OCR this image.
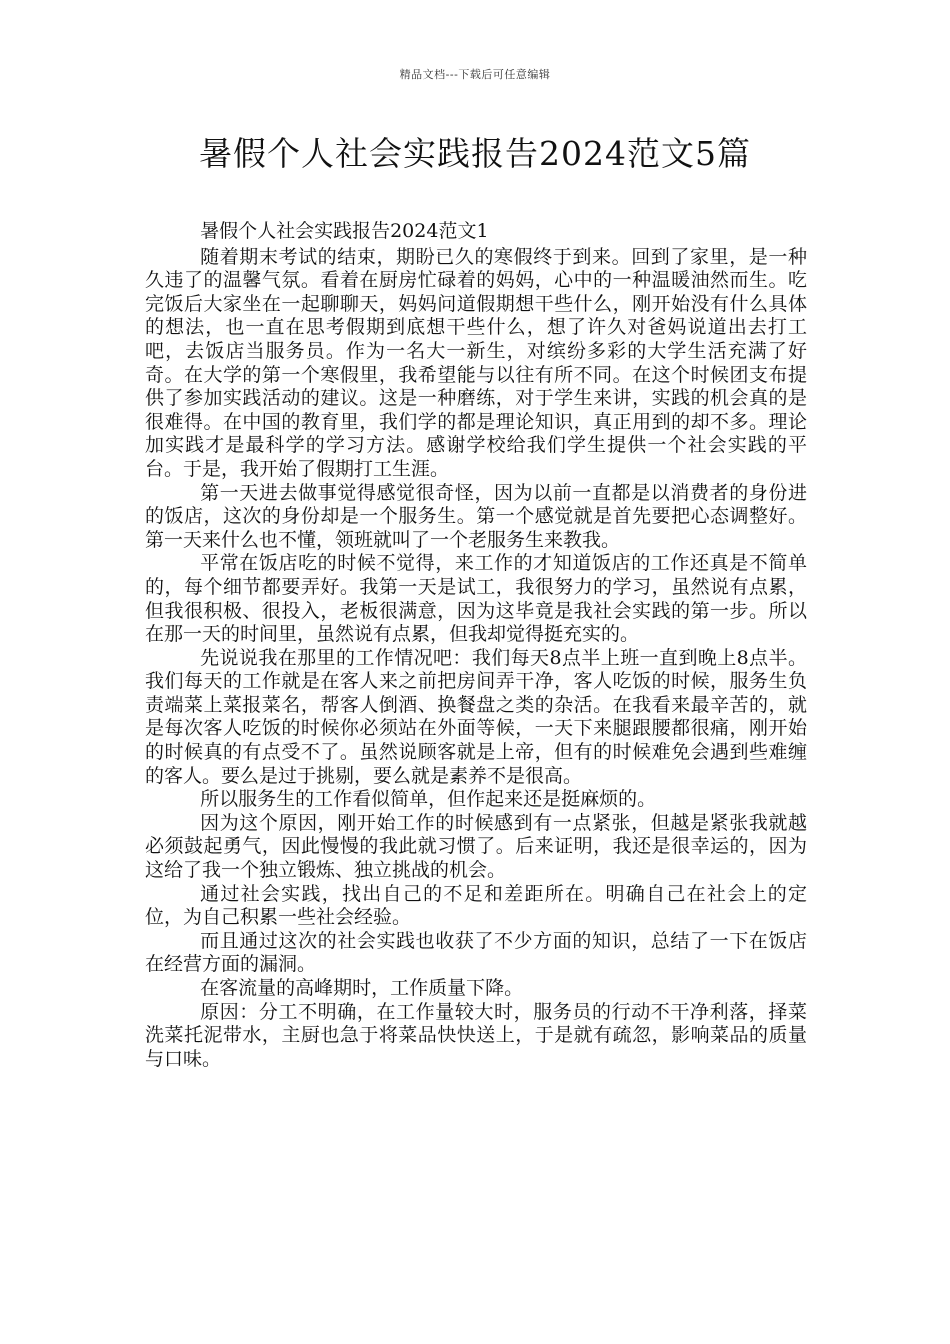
精品文档---下载后可任意编辑
暑假个人社会实践报告2024范文5篇

暑假个人社会实践报告2024范文1

随着期末考试的结束，期盼已久的寒假终于到来。回到了家里，是一种久违了的温馨气氛。看着在厨房忙碌着的妈妈，心中的一种温暖油然而生。吃完饭后大家坐在一起聊聊天，妈妈问道假期想干些什么，刚开始没有什么具体的想法，也一直在思考假期到底想干些什么，想了许久对爸妈说道出去打工吧，去饭店当服务员。作为一名大一新生，对缤纷多彩的大学生活充满了好奇。在大学的第一个寒假里，我希望能与以往有所不同。在这个时候团支布提供了参加实践活动的建议。这是一种磨练，对于学生来讲，实践的机会真的是很难得。在中国的教育里，我们学的都是理论知识，真正用到的却不多。理论加实践才是最科学的学习方法。感谢学校给我们学生提供一个社会实践的平台。于是，我开始了假期打工生涯。

第一天进去做事觉得感觉很奇怪，因为以前一直都是以消费者的身份进的饭店，这次的身份却是一个服务生。第一个感觉就是首先要把心态调整好。第一天来什么也不懂，领班就叫了一个老服务生来教我。

平常在饭店吃的时候不觉得，来工作的才知道饭店的工作还真是不简单的，每个细节都要弄好。我第一天是试工，我很努力的学习，虽然说有点累，但我很积极、很投入，老板很满意，因为这毕竟是我社会实践的第一步。所以在那一天的时间里，虽然说有点累，但我却觉得挺充实的。

先说说我在那里的工作情况吧：我们每天8点半上班一直到晚上8点半。我们每天的工作就是在客人来之前把房间弄干净，客人吃饭的时候，服务生负责端菜上菜报菜名，帮客人倒酒、换餐盘之类的杂活。在我看来最辛苦的，就是每次客人吃饭的时候你必须站在外面等候，一天下来腿跟腰都很痛，刚开始的时候真的有点受不了。虽然说顾客就是上帝，但有的时候难免会遇到些难缠的客人。要么是过于挑剔，要么就是素养不是很高。

所以服务生的工作看似简单，但作起来还是挺麻烦的。

因为这个原因，刚开始工作的时候感到有一点紧张，但越是紧张我就越必须鼓起勇气，因此慢慢的我此就习惯了。后来证明，我还是很幸运的，因为这给了我一个独立锻炼、独立挑战的机会。

通过社会实践，找出自己的不足和差距所在。明确自己在社会上的定位，为自己积累一些社会经验。

而且通过这次的社会实践也收获了不少方面的知识，总结了一下在饭店在经营方面的漏洞。

在客流量的高峰期时，工作质量下降。

原因：分工不明确，在工作量较大时，服务员的行动不干净利落，择菜洗菜托泥带水，主厨也急于将菜品快快送上，于是就有疏忽，影响菜品的质量与口味。
